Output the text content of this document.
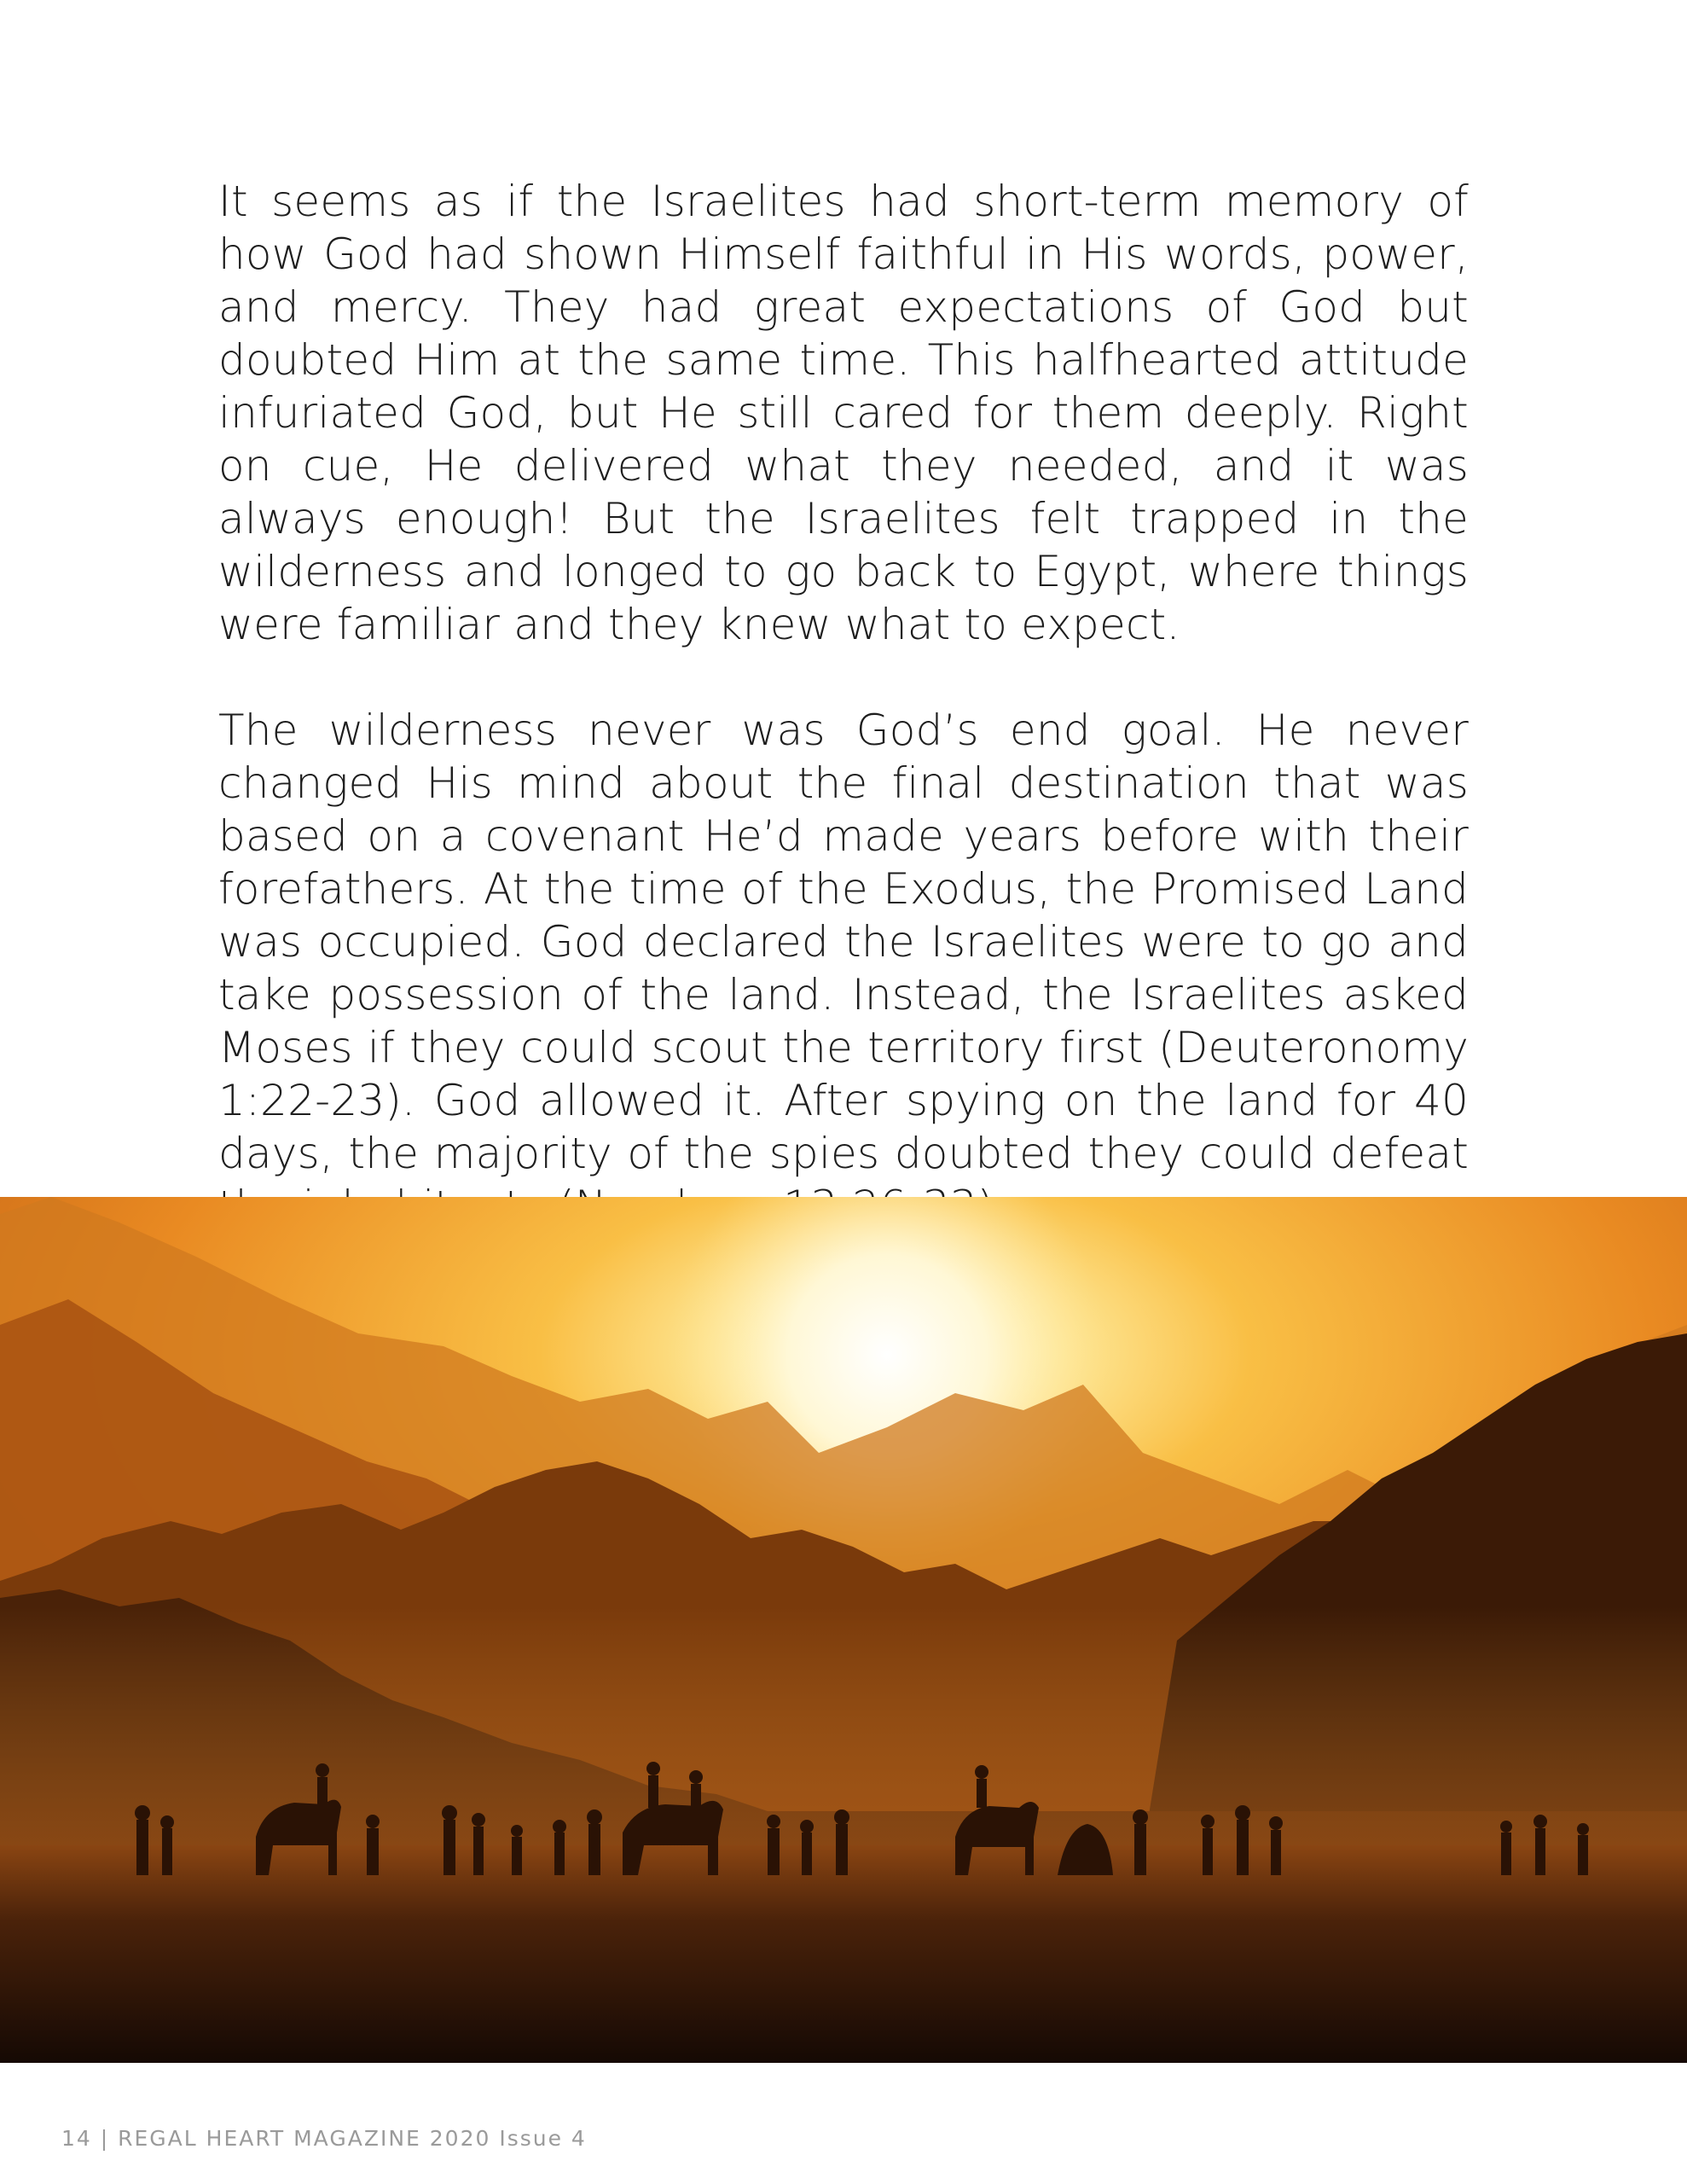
It seems as if the Israelites had short-term memory of how God had shown Himself faithful in His words, power, and mercy. They had great expectations of God but doubted Him at the same time. This halfhearted attitude infuriated God, but He still cared for them deeply. Right on cue, He delivered what they needed, and it was always enough! But the Israelites felt trapped in the wilderness and longed to go back to Egypt, where things were familiar and they knew what to expect.

The wilderness never was God’s end goal. He never changed His mind about the final destination that was based on a covenant He’d made years before with their forefathers. At the time of the Exodus, the Promised Land was occupied. God declared the Israelites were to go and take possession of the land. Instead, the Israelites asked Moses if they could scout the territory first (Deuteronomy 1:22-23). God allowed it. After spying on the land for 40 days, the majority of the spies doubted they could defeat

14 | REGAL HEART MAGAZINE 2020 Issue 4
